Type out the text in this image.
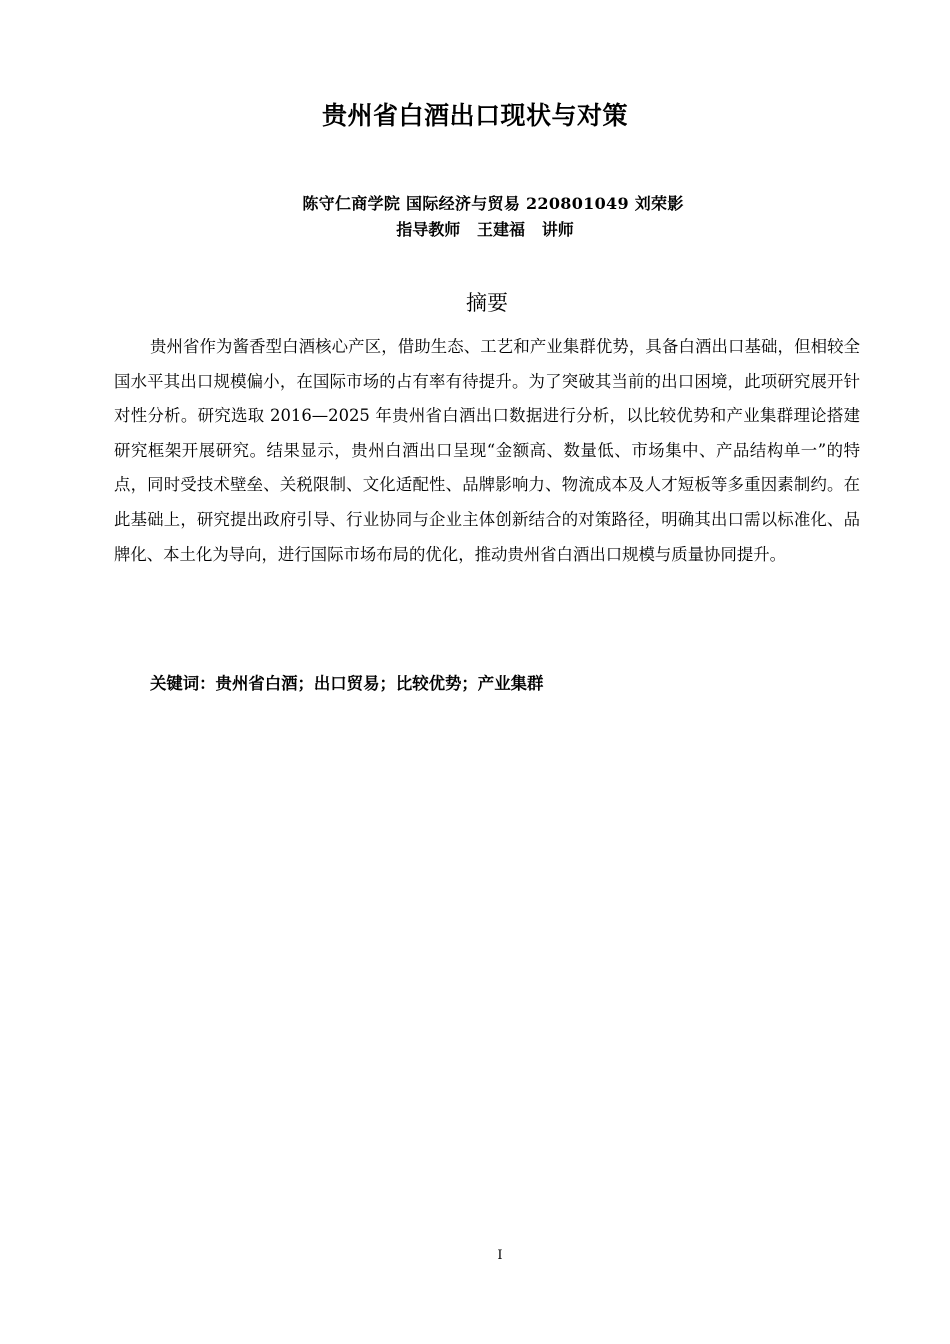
贵州省白酒出口现状与对策
陈守仁商学院 国际经济与贸易 220801049 刘荣影
指导教师   王建福   讲师
摘要

贵州省作为酱香型白酒核心产区，借助生态、工艺和产业集群优势，具备白酒出口基础，但相较全国水平其出口规模偏小，在国际市场的占有率有待提升。为了突破其当前的出口困境，此项研究展开针对性分析。研究选取 2016—2025 年贵州省白酒出口数据进行分析，以比较优势和产业集群理论搭建研究框架开展研究。结果显示，贵州白酒出口呈现“金额高、数量低、市场集中、产品结构单一”的特点，同时受技术壁垒、关税限制、文化适配性、品牌影响力、物流成本及人才短板等多重因素制约。在此基础上，研究提出政府引导、行业协同与企业主体创新结合的对策路径，明确其出口需以标准化、品牌化、本土化为导向，进行国际市场布局的优化，推动贵州省白酒出口规模与质量协同提升。

关键词：贵州省白酒；出口贸易；比较优势；产业集群
I
